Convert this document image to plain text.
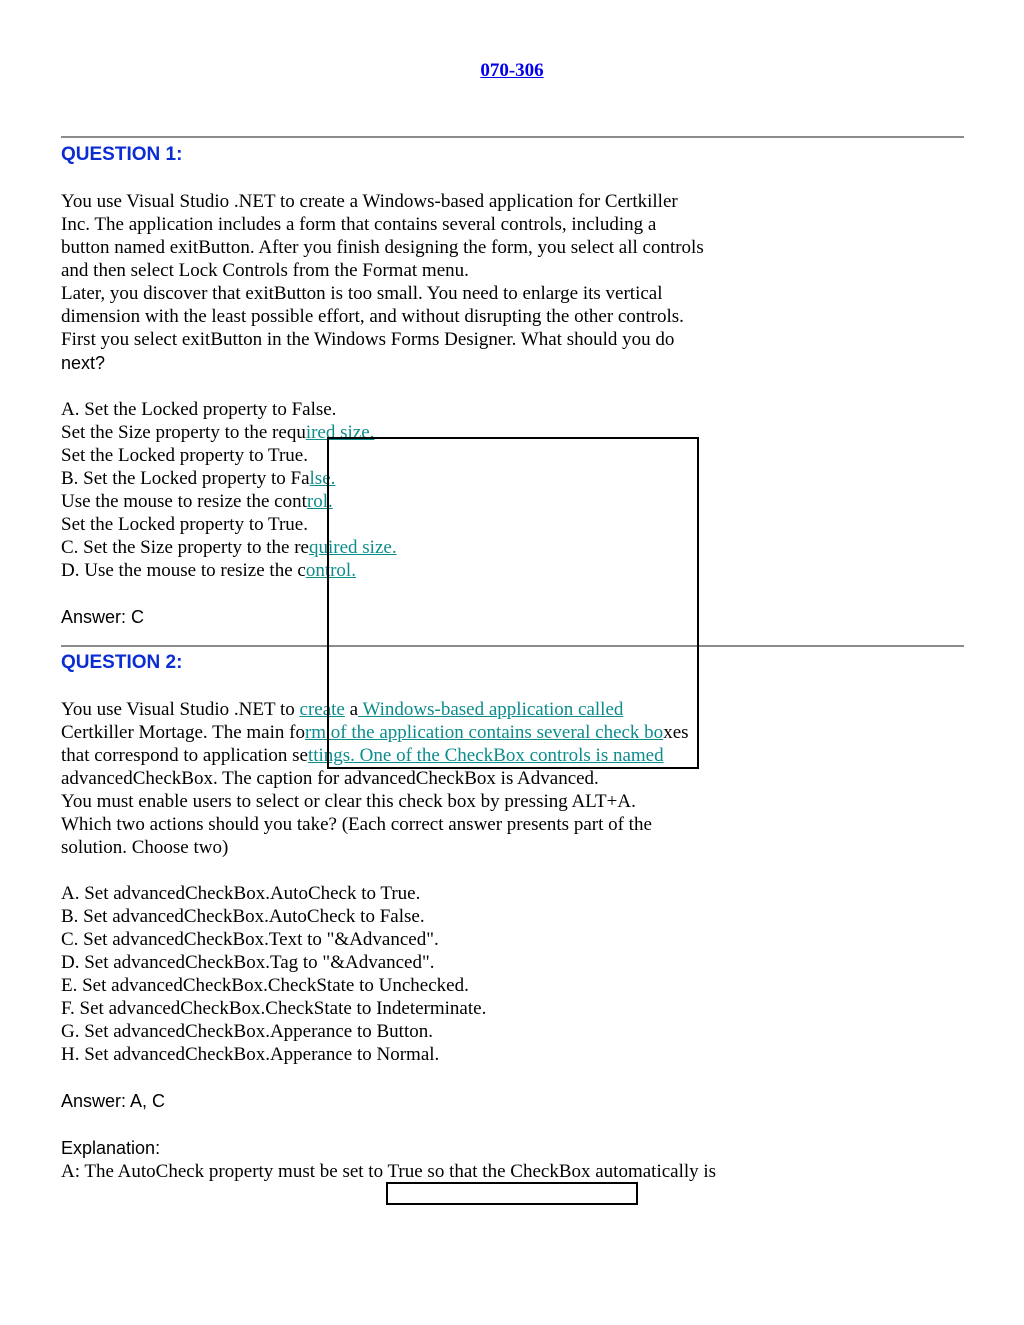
070-306
QUESTION 1:
You use Visual Studio .NET to create a Windows-based application for Certkiller
Inc. The application includes a form that contains several controls, including a
button named exitButton. After you finish designing the form, you select all controls
and then select Lock Controls from the Format menu.
Later, you discover that exitButton is too small. You need to enlarge its vertical
dimension with the least possible effort, and without disrupting the other controls.
First you select exitButton in the Windows Forms Designer. What should you do
next?
A. Set the Locked property to False.
Set the Size property to the required size.
Set the Locked property to True.
B. Set the Locked property to False.
Use the mouse to resize the control.
Set the Locked property to True.
C. Set the Size property to the required size.
D. Use the mouse to resize the control.
Answer: C
QUESTION 2:
You use Visual Studio .NET to create a Windows-based application called
Certkiller Mortage. The main form of the application contains several check boxes
that correspond to application settings. One of the CheckBox controls is named
advancedCheckBox. The caption for advancedCheckBox is Advanced.
You must enable users to select or clear this check box by pressing ALT+A.
Which two actions should you take? (Each correct answer presents part of the
solution. Choose two)
A. Set advancedCheckBox.AutoCheck to True.
B. Set advancedCheckBox.AutoCheck to False.
C. Set advancedCheckBox.Text to "&Advanced".
D. Set advancedCheckBox.Tag to "&Advanced".
E. Set advancedCheckBox.CheckState to Unchecked.
F. Set advancedCheckBox.CheckState to Indeterminate.
G. Set advancedCheckBox.Apperance to Button.
H. Set advancedCheckBox.Apperance to Normal.
Answer: A, C
Explanation:
A: The AutoCheck property must be set to True so that the CheckBox automatically is
